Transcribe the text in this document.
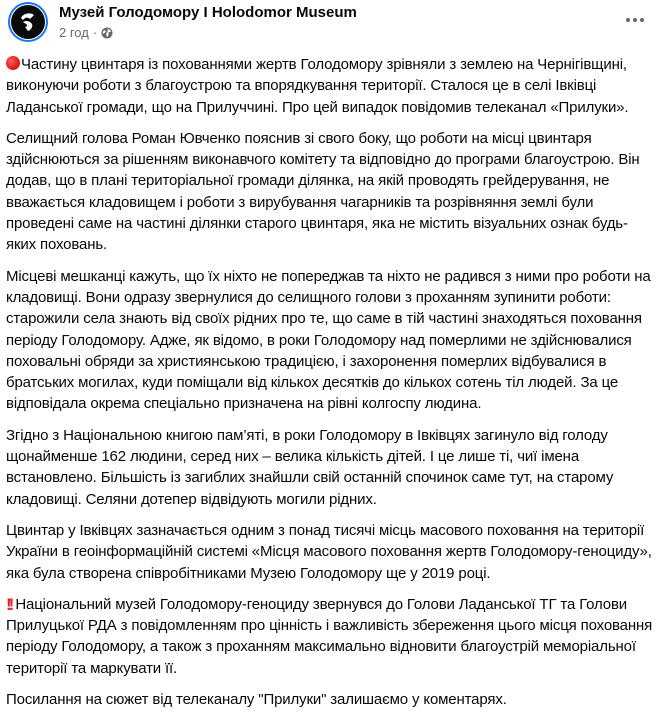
Музей Голодомору I Holodomor Museum
2 год ·

Частину цвинтаря із похованнями жертв Голодомору зрівняли з землею на Чернігівщині, виконуючи роботи з благоустрою та впорядкування території. Сталося це в селі Івківці Ладанської громади, що на Прилуччині. Про цей випадок повідомив телеканал «Прилуки».

Селищний голова Роман Ювченко пояснив зі свого боку, що роботи на місці цвинтаря здійснюються за рішенням виконавчого комітету та відповідно до програми благоустрою. Він додав, що в плані територіальної громади ділянка, на якій проводять грейдерування, не вважається кладовищем і роботи з вирубування чагарників та розрівняння землі були проведені саме на частині ділянки старого цвинтаря, яка не містить візуальних ознак будь-яких поховань.

Місцеві мешканці кажуть, що їх ніхто не попереджав та ніхто не радився з ними про роботи на кладовищі. Вони одразу звернулися до селищного голови з проханням зупинити роботи: старожили села знають від своїх рідних про те, що саме в тій частині знаходяться поховання періоду Голодомору. Адже, як відомо, в роки Голодомору над померлими не здійснювалися поховальні обряди за християнською традицією, і захоронення померлих відбувалися в братських могилах, куди поміщали від кількох десятків до кількох сотень тіл людей. За це відповідала окрема спеціально призначена на рівні колгоспу людина.

Згідно з Національною книгою пам’яті, в роки Голодомору в Івківцях загинуло від голоду щонайменше 162 людини, серед них – велика кількість дітей. І це лише ті, чиї імена встановлено. Більшість із загиблих знайшли свій останній спочинок саме тут, на старому кладовищі. Селяни дотепер відвідують могили рідних.

Цвинтар у Івківцях зазначається одним з понад тисячі місць масового поховання на території України в геоінформаційній системі «Місця масового поховання жертв Голодомору-геноциду», яка була створена співробітниками Музею Голодомору ще у 2019 році.

!! Національний музей Голодомору-геноциду звернувся до Голови Ладанської ТГ та Голови Прилуцької РДА з повідомленням про цінність і важливість збереження цього місця поховання періоду Голодомору, а також з проханням максимально відновити благоустрій меморіальної території та маркувати її.

Посилання на сюжет від телеканалу "Прилуки" залишаємо у коментарях.
